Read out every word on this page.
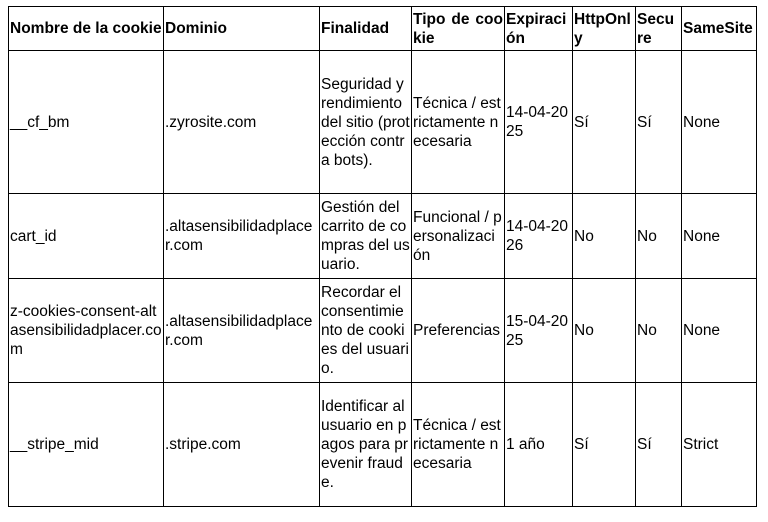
Nombre de la cookie	Dominio	Finalidad	Tipo de cookie	Expiración	HttpOnly	Secure	SameSite
__cf_bm	.zyrosite.com	Seguridad y rendimiento del sitio (protección contra bots).	Técnica / estrictamente necesaria	14-04-2025	Sí	Sí	None
cart_id	.altasensibilidadplacer.com	Gestión del carrito de compras del usuario.	Funcional / personalización	14-04-2026	No	No	None
z-cookies-consent-altasensibilidadplacer.com	.altasensibilidadplacer.com	Recordar el consentimiento de cookies del usuario.	Preferencias	15-04-2025	No	No	None
__stripe_mid	.stripe.com	Identificar al usuario en pagos para prevenir fraude.	Técnica / estrictamente necesaria	1 año	Sí	Sí	Strict
